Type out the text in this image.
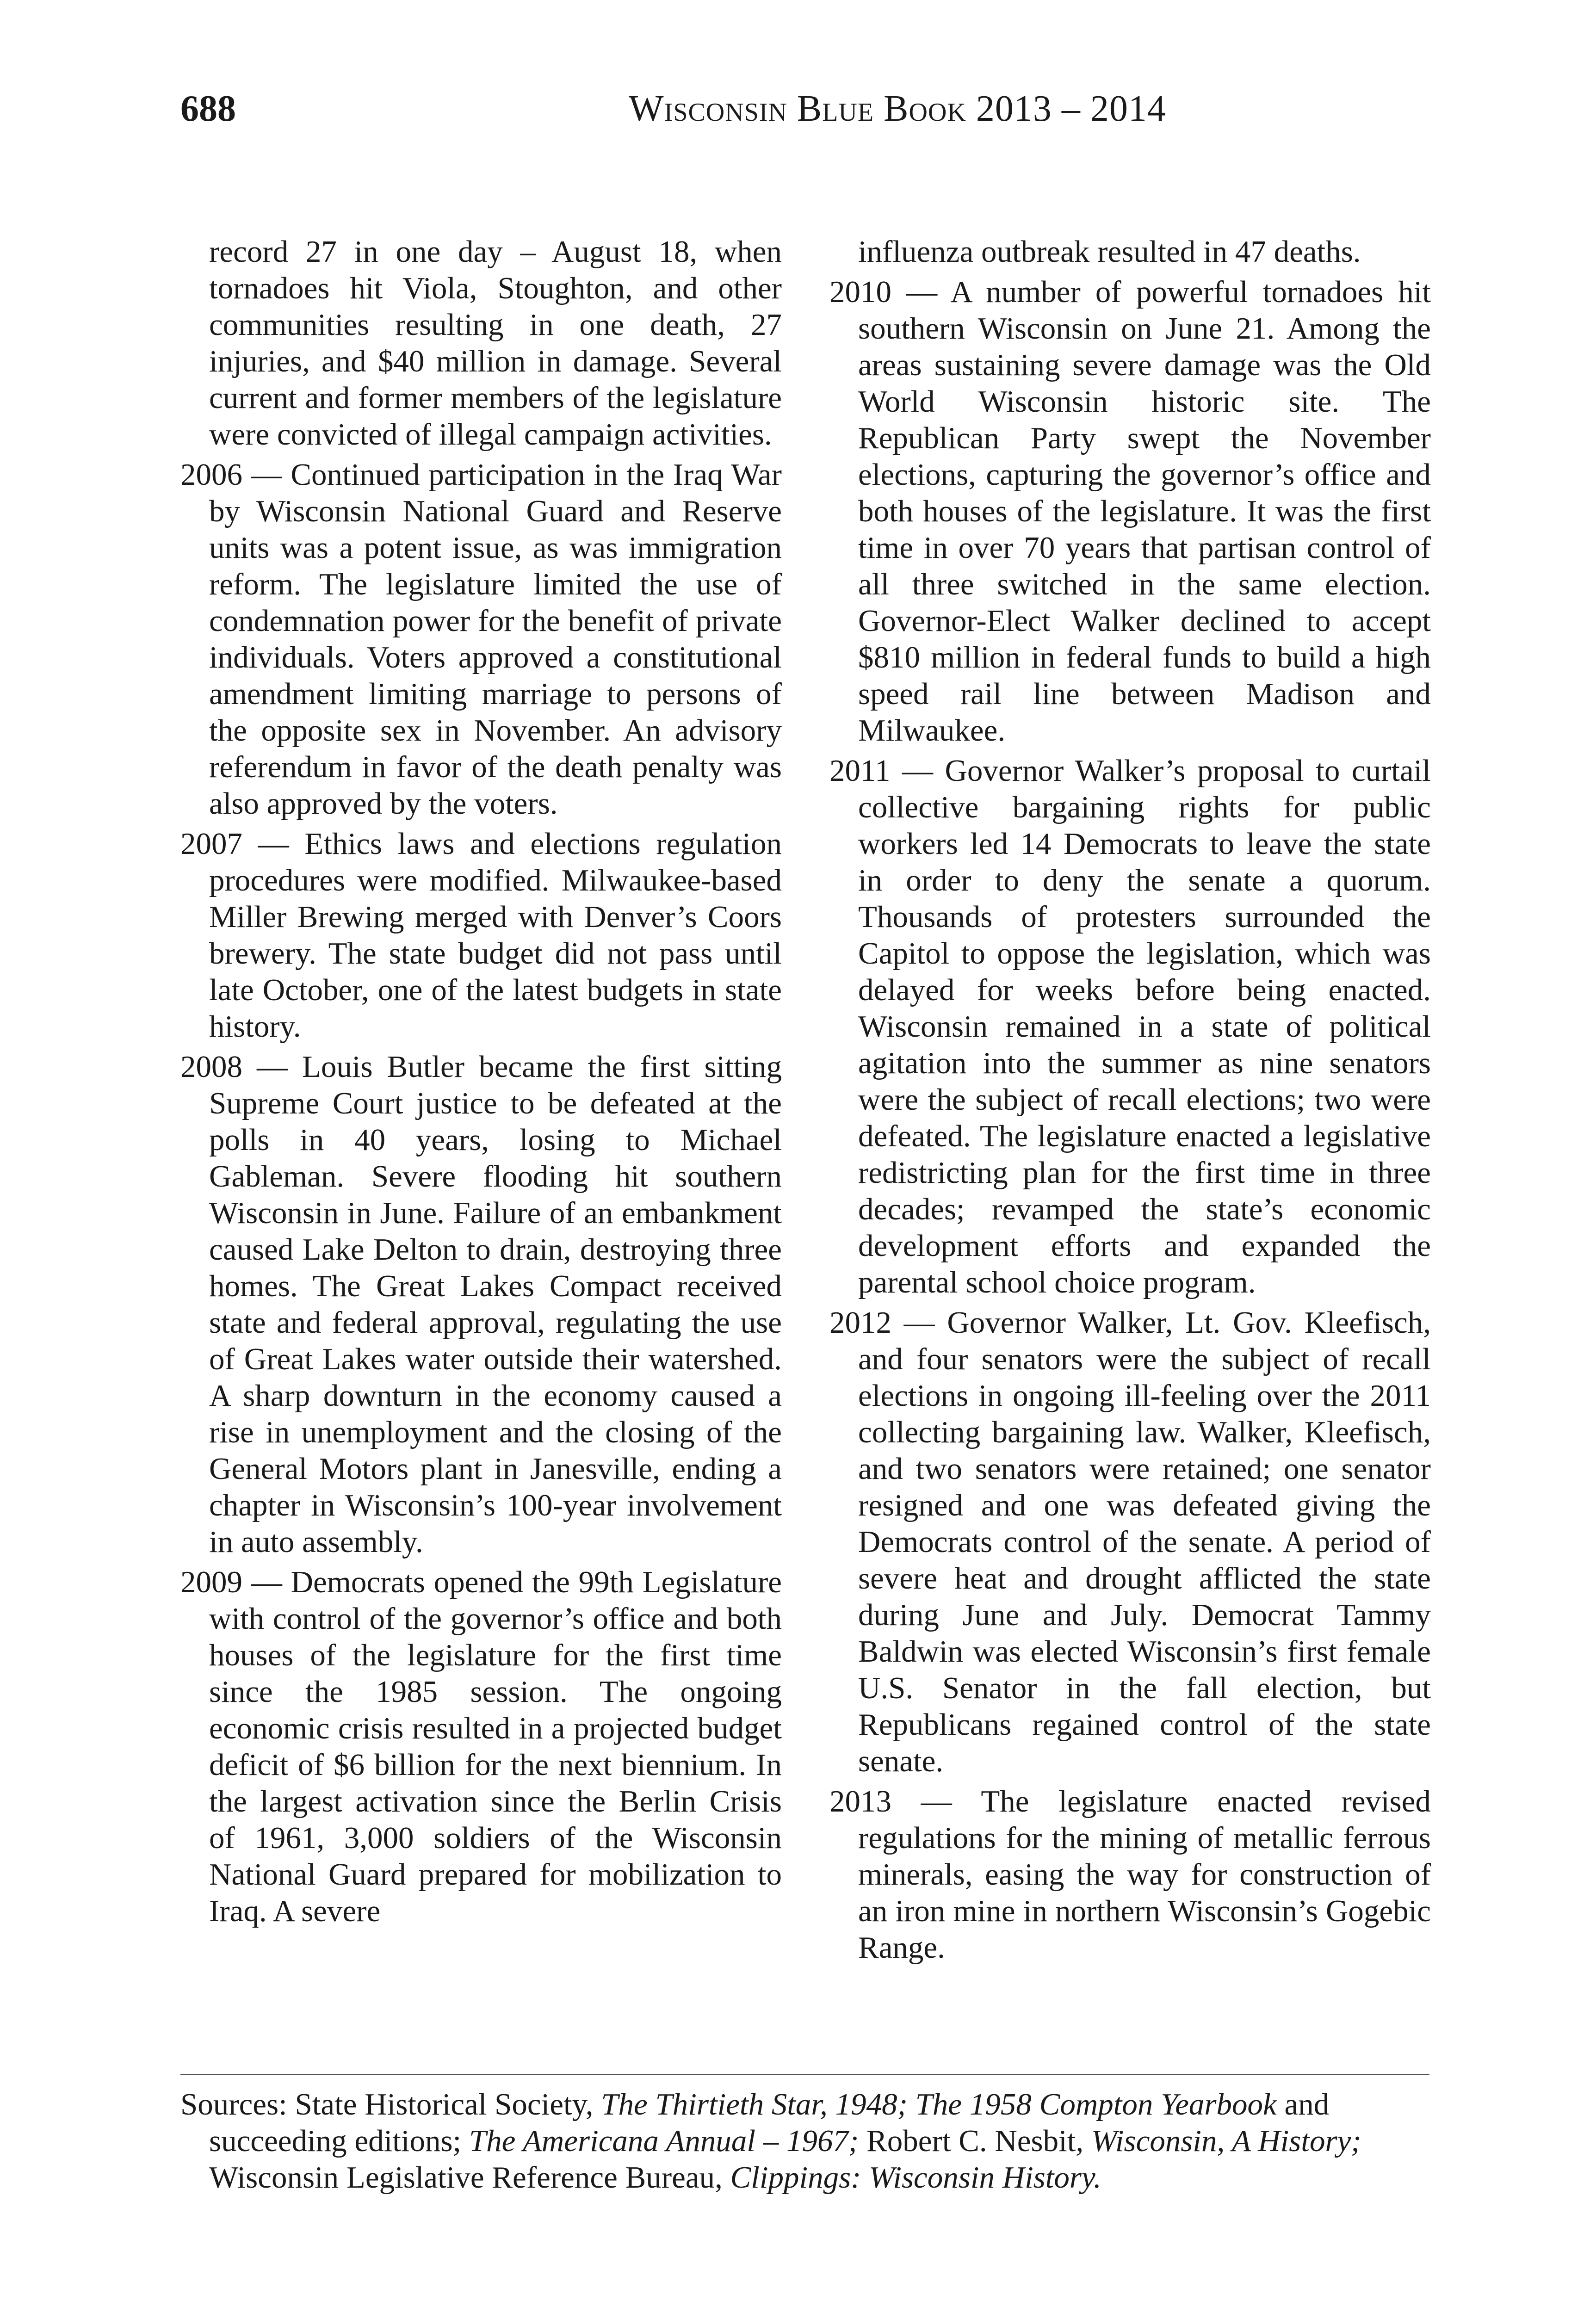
688	Wisconsin Blue Book 2013 – 2014

record 27 in one day – August 18, when tornadoes hit Viola, Stoughton, and other communities resulting in one death, 27 injuries, and $40 million in damage. Several current and former members of the legislature were convicted of illegal campaign activities.

2006 — Continued participation in the Iraq War by Wisconsin National Guard and Reserve units was a potent issue, as was immigration reform. The legislature limited the use of condemnation power for the benefit of private individuals. Voters approved a constitutional amendment limiting marriage to persons of the opposite sex in November. An advisory referendum in favor of the death penalty was also approved by the voters.

2007 — Ethics laws and elections regulation procedures were modified. Milwaukee-based Miller Brewing merged with Denver’s Coors brewery. The state budget did not pass until late October, one of the latest budgets in state history.

2008 — Louis Butler became the first sitting Supreme Court justice to be defeated at the polls in 40 years, losing to Michael Gableman. Severe flooding hit southern Wisconsin in June. Failure of an embankment caused Lake Delton to drain, destroying three homes. The Great Lakes Compact received state and federal approval, regulating the use of Great Lakes water outside their watershed. A sharp downturn in the economy caused a rise in unemployment and the closing of the General Motors plant in Janesville, ending a chapter in Wisconsin’s 100-year involvement in auto assembly.

2009 — Democrats opened the 99th Legislature with control of the governor’s office and both houses of the legislature for the first time since the 1985 session. The ongoing economic crisis resulted in a projected budget deficit of $6 billion for the next biennium. In the largest activation since the Berlin Crisis of 1961, 3,000 soldiers of the Wisconsin National Guard prepared for mobilization to Iraq. A severe

influenza outbreak resulted in 47 deaths.

2010 — A number of powerful tornadoes hit southern Wisconsin on June 21. Among the areas sustaining severe damage was the Old World Wisconsin historic site. The Republican Party swept the November elections, capturing the governor’s office and both houses of the legislature. It was the first time in over 70 years that partisan control of all three switched in the same election. Governor-Elect Walker declined to accept $810 million in federal funds to build a high speed rail line between Madison and Milwaukee.

2011 — Governor Walker’s proposal to curtail collective bargaining rights for public workers led 14 Democrats to leave the state in order to deny the senate a quorum. Thousands of protesters surrounded the Capitol to oppose the legislation, which was delayed for weeks before being enacted. Wisconsin remained in a state of political agitation into the summer as nine senators were the subject of recall elections; two were defeated. The legislature enacted a legislative redistricting plan for the first time in three decades; revamped the state’s economic development efforts and expanded the parental school choice program.

2012 — Governor Walker, Lt. Gov. Kleefisch, and four senators were the subject of recall elections in ongoing ill-feeling over the 2011 collecting bargaining law. Walker, Kleefisch, and two senators were retained; one senator resigned and one was defeated giving the Democrats control of the senate. A period of severe heat and drought afflicted the state during June and July. Democrat Tammy Baldwin was elected Wisconsin’s first female U.S. Senator in the fall election, but Republicans regained control of the state senate.

2013 — The legislature enacted revised regulations for the mining of metallic ferrous minerals, easing the way for construction of an iron mine in northern Wisconsin’s Gogebic Range.

Sources: State Historical Society, The Thirtieth Star, 1948; The 1958 Compton Yearbook and succeeding editions; The Americana Annual – 1967; Robert C. Nesbit, Wisconsin, A History; Wisconsin Legislative Reference Bureau, Clippings: Wisconsin History.
